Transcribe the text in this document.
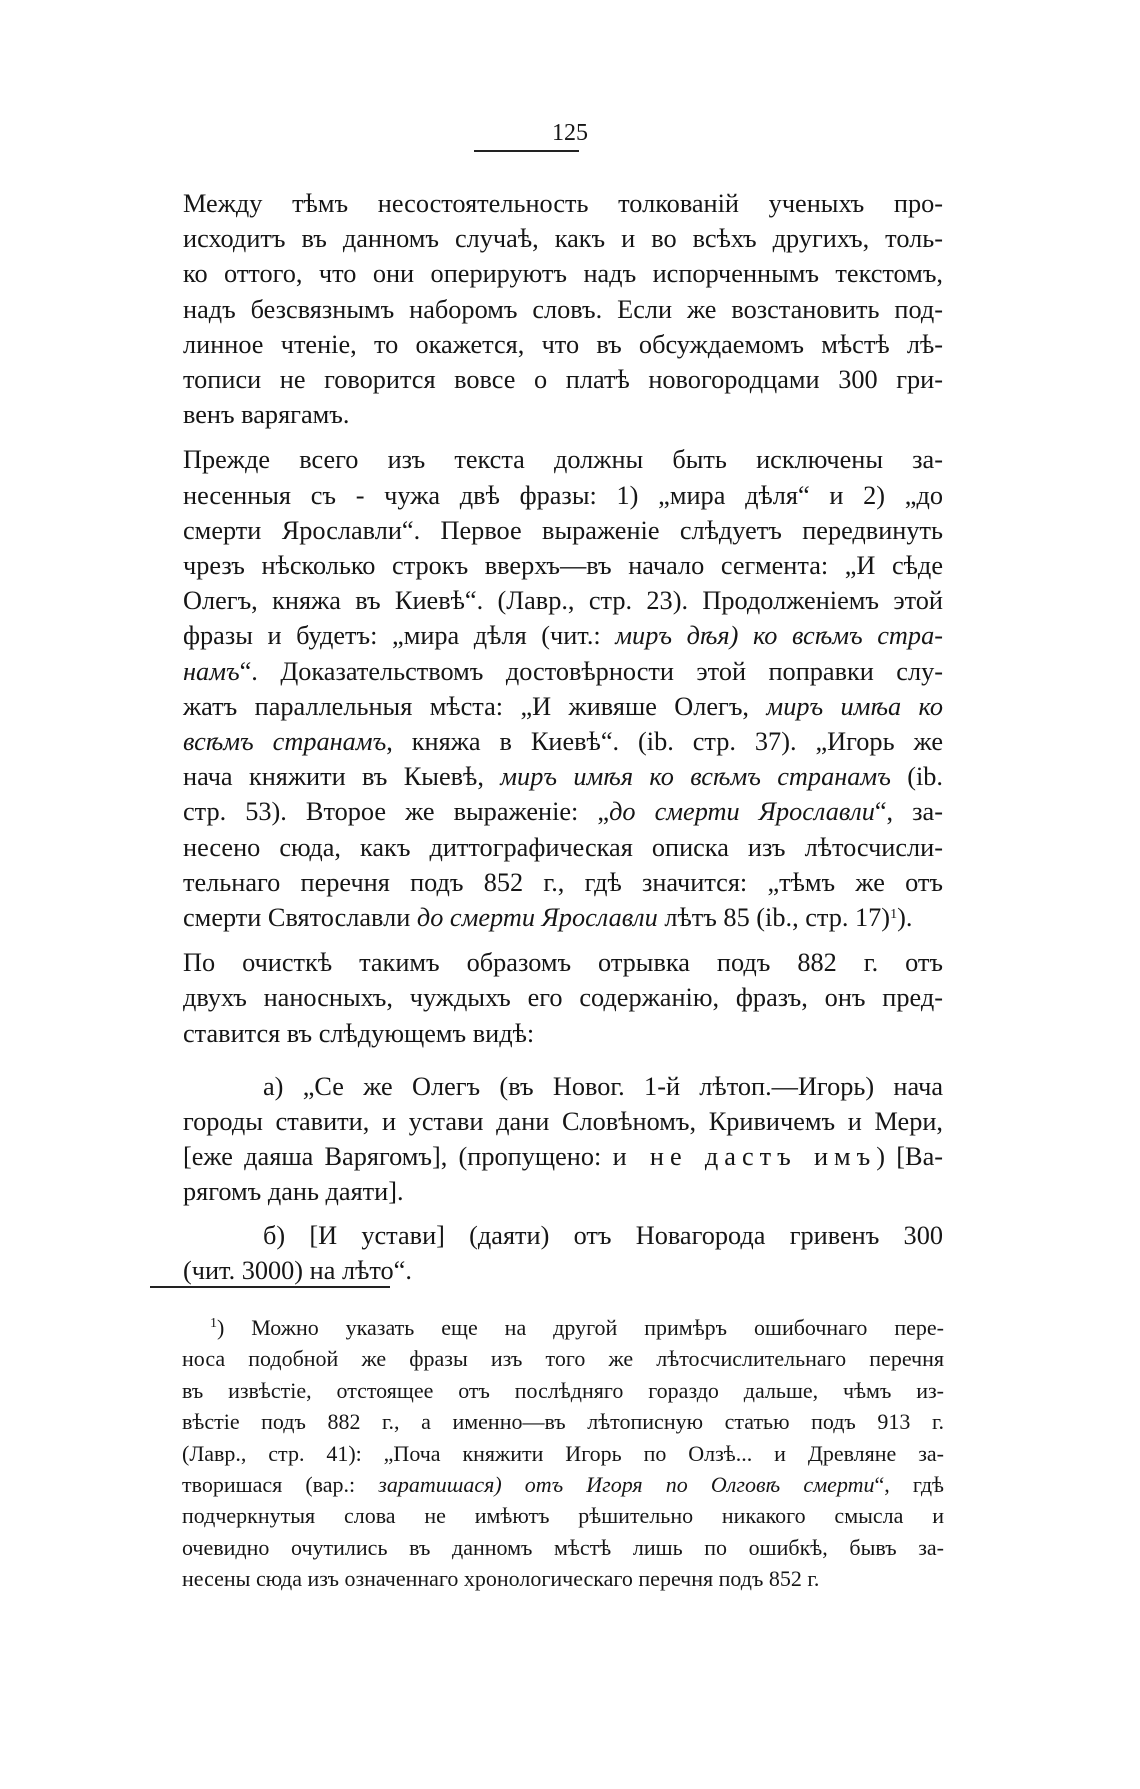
125

Между тѣмъ несостоятельность толкованій ученыхъ про-
исходитъ въ данномъ случаѣ, какъ и во всѣхъ другихъ, толь-
ко оттого, что они оперируютъ надъ испорченнымъ текстомъ,
надъ безсвязнымъ наборомъ словъ. Если же возстановить под-
линное чтеніе, то окажется, что въ обсуждаемомъ мѣстѣ лѣ-
тописи не говорится вовсе о платѣ новогородцами 300 гри-
венъ варягамъ.

Прежде всего изъ текста должны быть исключены за-
несенныя съ - чужа двѣ фразы: 1) „мира дѣля“ и 2) „до
смерти Ярославли“. Первое выраженіе слѣдуетъ передвинуть
чрезъ нѣсколько строкъ вверхъ—въ начало сегмента: „И сѣде
Олегъ, княжа въ Киевѣ“. (Лавр., стр. 23). Продолженіемъ этой
фразы и будетъ: „мира дѣля (чит.: миръ дѣя) ко всѣмъ стра-
намъ“. Доказательствомъ достовѣрности этой поправки слу-
жатъ параллельныя мѣста: „И живяше Олегъ, миръ имѣа ко
всѣмъ странамъ, княжа в Киевѣ“. (іb. стр. 37). „Игорь же
нача княжити въ Кыевѣ, миръ имѣя ко всѣмъ странамъ (іb.
стр. 53). Второе же выраженіе: „до смерти Ярославли“, за-
несено сюда, какъ диттографическая описка изъ лѣтосчисли-
тельнаго перечня подъ 852 г., гдѣ значится: „тѣмъ же отъ
смерти Святославли до смерти Ярославли лѣтъ 85 (іb., стр. 17)$^1$).

По очисткѣ такимъ образомъ отрывка подъ 882 г. отъ
двухъ наносныхъ, чуждыхъ его содержанію, фразъ, онъ пред-
ставится въ слѣдующемъ видѣ:

а) „Се же Олегъ (въ Новог. 1-й лѣтоп.—Игорь) нача
городы ставити, и устави дани Словѣномъ, Кривичемъ и Мери,
[еже даяша Варягомъ], (пропущено: и не дастъ имъ) [Ва-
рягомъ дань даяти].
б) [И устави] (даяти) отъ Новагорода гривенъ 300
(чит. 3000) на лѣто“.
$^1$) Можно указать еще на другой примѣръ ошибочнаго пере-
носа подобной же фразы изъ того же лѣтосчислительнаго перечня
въ извѣстіе, отстоящее отъ послѣдняго гораздо дальше, чѣмъ из-
вѣстіе подъ 882 г., а именно—въ лѣтописную статью подъ 913 г.
(Лавр., стр. 41): „Поча княжити Игорь по Олзѣ... и Древляне за-
творишася (вар.: заратишася) отъ Игоря по Олговѣ смерти“, гдѣ
подчеркнутыя слова не имѣютъ рѣшительно никакого смысла и
очевидно очутились въ данномъ мѣстѣ лишь по ошибкѣ, бывъ за-
несены сюда изъ означеннаго хронологическаго перечня подъ 852 г.
